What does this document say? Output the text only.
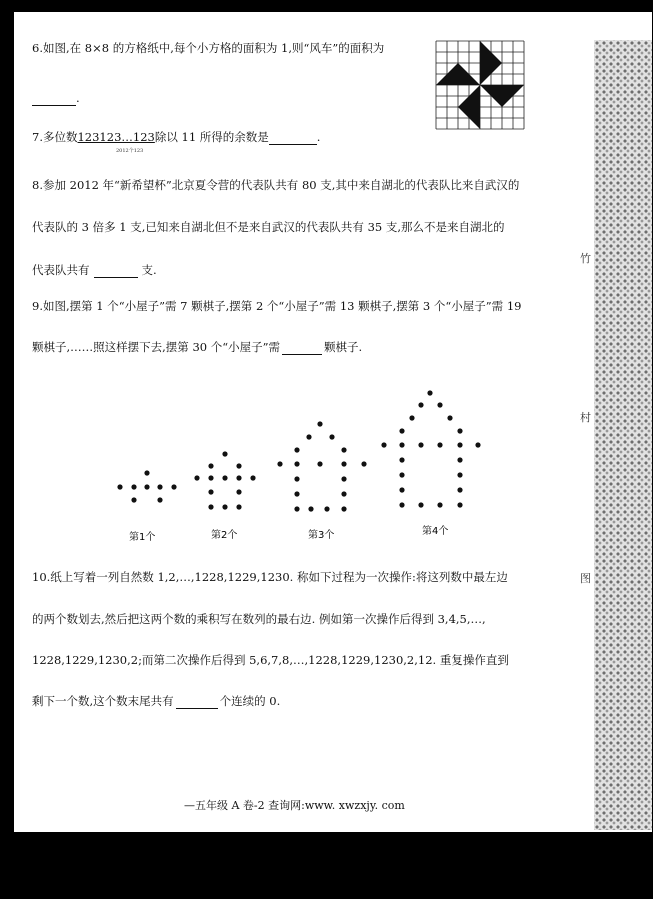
6.如图,在 8×8 的方格纸中,每个小方格的面积为 1,则“风车”的面积为
.
7.多位数123123…123除以 11 所得的余数是	.
2012个123
8.参加 2012 年“新希望杯”北京夏令营的代表队共有 80 支,其中来自湖北的代表队比来自武汉的
代表队的 3 倍多 1 支,已知来自湖北但不是来自武汉的代表队共有 35 支,那么不是来自湖北的
代表队共有	支.
9.如图,摆第 1 个“小屋子”需 7 颗棋子,摆第 2 个“小屋子”需 13 颗棋子,摆第 3 个“小屋子”需 19
颗棋子,……照这样摆下去,摆第 30 个“小屋子”需	颗棋子.
第1个	第2个	第3个	第4个
10.纸上写着一列自然数 1,2,…,1228,1229,1230. 称如下过程为一次操作:将这列数中最左边
的两个数划去,然后把这两个数的乘积写在数列的最右边. 例如第一次操作后得到 3,4,5,…,
1228,1229,1230,2;而第二次操作后得到 5,6,7,8,…,1228,1229,1230,2,12. 重复操作直到
剩下一个数,这个数末尾共有	个连续的 0.
竹
村
图
—五年级 A 卷-2 查询网:www. xwzxjy. com
